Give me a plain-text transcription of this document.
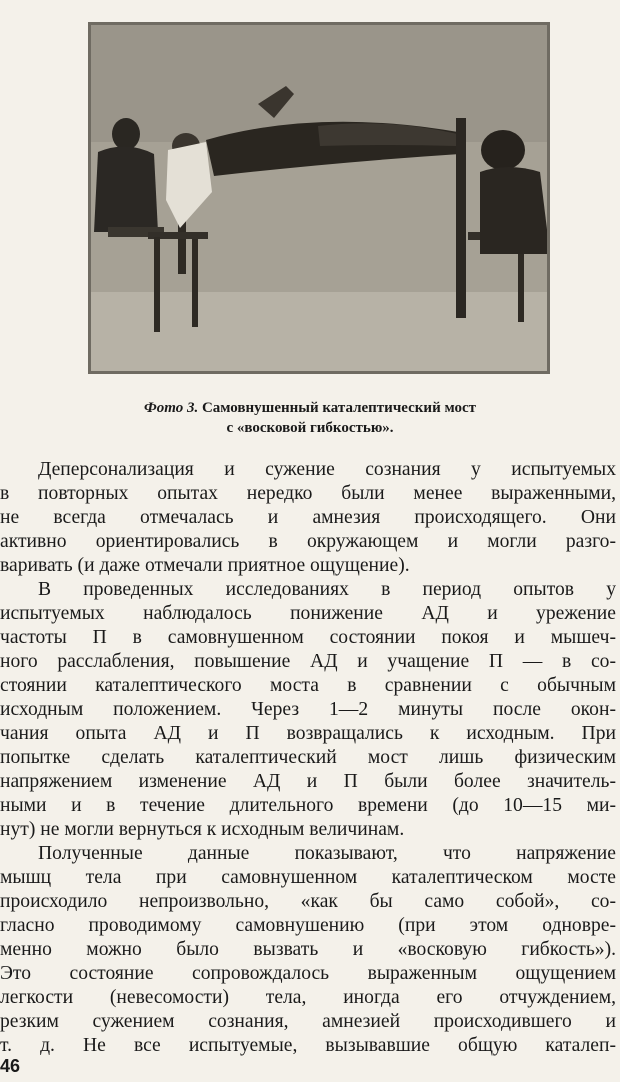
Фото 3. Самовнушенный каталептический мост
с «восковой гибкостью».
Деперсонализация и сужение сознания у испытуемых
в повторных опытах нередко были менее выраженными,
не всегда отмечалась и амнезия происходящего. Они
активно ориентировались в окружающем и могли разго-
варивать (и даже отмечали приятное ощущение).
В проведенных исследованиях в период опытов у
испытуемых наблюдалось понижение АД и урежение
частоты П в самовнушенном состоянии покоя и мышеч-
ного расслабления, повышение АД и учащение П — в со-
стоянии каталептического моста в сравнении с обычным
исходным положением. Через 1—2 минуты после окон-
чания опыта АД и П возвращались к исходным. При
попытке сделать каталептический мост лишь физическим
напряжением изменение АД и П были более значитель-
ными и в течение длительного времени (до 10—15 ми-
нут) не могли вернуться к исходным величинам.
Полученные данные показывают, что напряжение
мышц тела при самовнушенном каталептическом мосте
происходило непроизвольно, «как бы само собой», со-
гласно проводимому самовнушению (при этом одновре-
менно можно было вызвать и «восковую гибкость»).
Это состояние сопровождалось выраженным ощущением
легкости (невесомости) тела, иногда его отчуждением,
резким сужением сознания, амнезией происходившего и
т. д. Не все испытуемые, вызывавшие общую каталеп-
46
